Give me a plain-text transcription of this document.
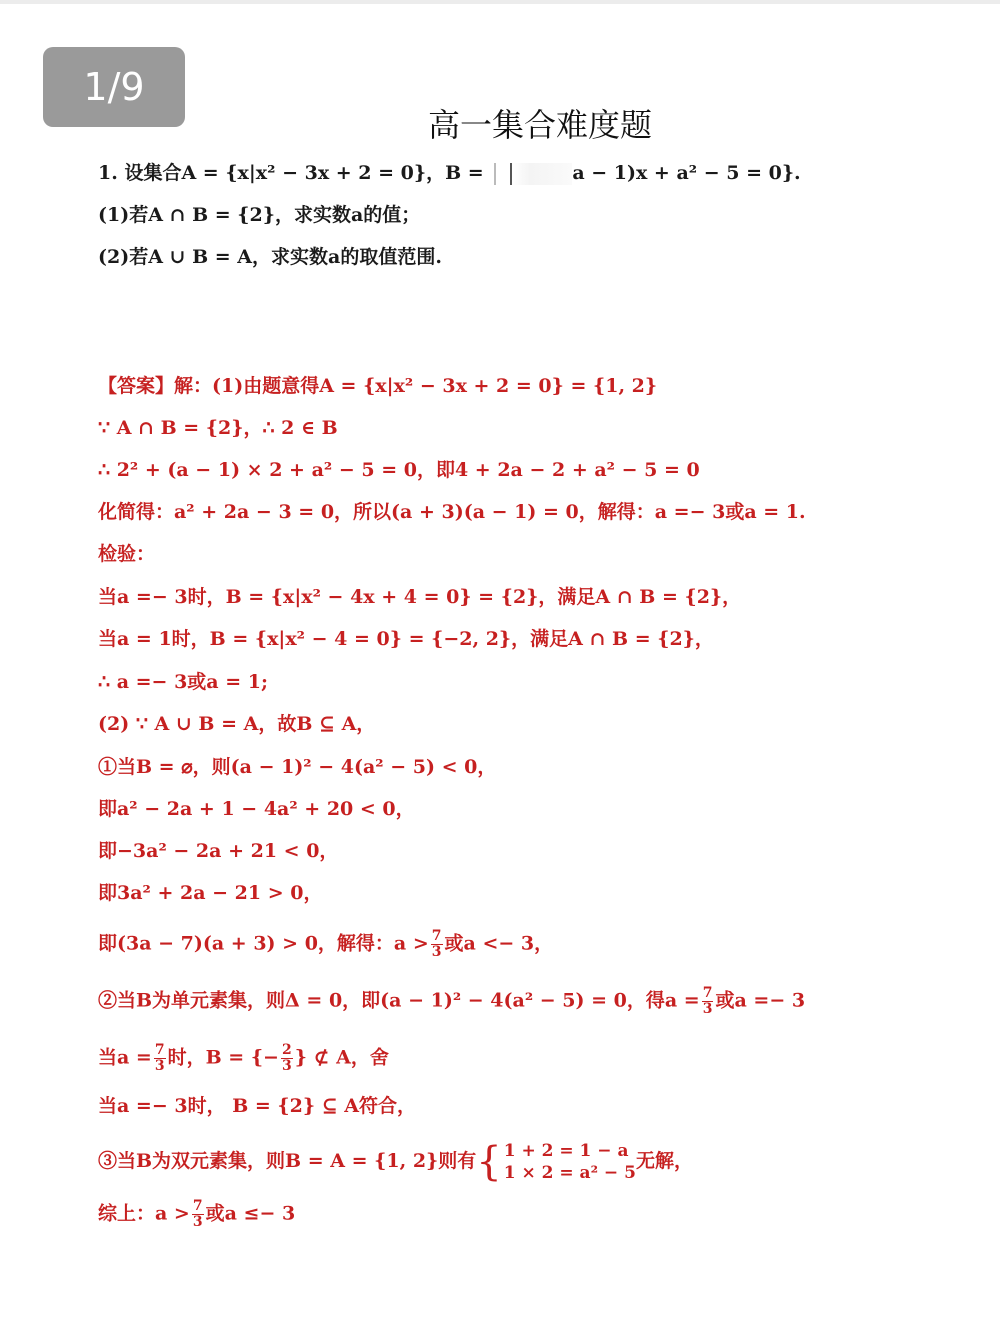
1/9
高一集合难度题
1. 设集合A = {x|x² − 3x + 2 = 0}，B =	a − 1)x + a² − 5 = 0}.
(1)若A ∩ B = {2}，求实数a的值；
(2)若A ∪ B = A，求实数a的取值范围.
【答案】解：(1)由题意得A = {x|x² − 3x + 2 = 0} = {1, 2}
∵ A ∩ B = {2}，∴ 2 ∈ B
∴ 2² + (a − 1) × 2 + a² − 5 = 0，即4 + 2a − 2 + a² − 5 = 0
化简得：a² + 2a − 3 = 0，所以(a + 3)(a − 1) = 0，解得：a =− 3或a = 1.
检验：
当a =− 3时，B = {x|x² − 4x + 4 = 0} = {2}，满足A ∩ B = {2}，
当a = 1时，B = {x|x² − 4 = 0} = {−2, 2}，满足A ∩ B = {2}，
∴ a =− 3或a = 1;
(2) ∵ A ∪ B = A，故B ⊆ A，
①当B = ⌀，则(a − 1)² − 4(a² − 5) < 0，
即a² − 2a + 1 − 4a² + 20 < 0，
即−3a² − 2a + 21 < 0，
即3a² + 2a − 21 > 0，
即(3a − 7)(a + 3) > 0，解得：$a > \frac{7}{3}$ 或a <− 3，
②当B为单元素集，则Δ = 0，即(a − 1)² − 4(a² − 5) = 0，得$a = \frac{7}{3}$ 或a =− 3
当$a = \frac{7}{3}$ 时，B = {− $\frac{2}{3}$ } ⊄ A，舍
当a =− 3时， B = {2} ⊆ A符合，
③当B为双元素集，则B = A = {1, 2}则有 { 1 + 2 = 1 − a
1 × 2 = a² − 5
无解，
综上：$a > \frac{7}{3}$ 或a ≤− 3
